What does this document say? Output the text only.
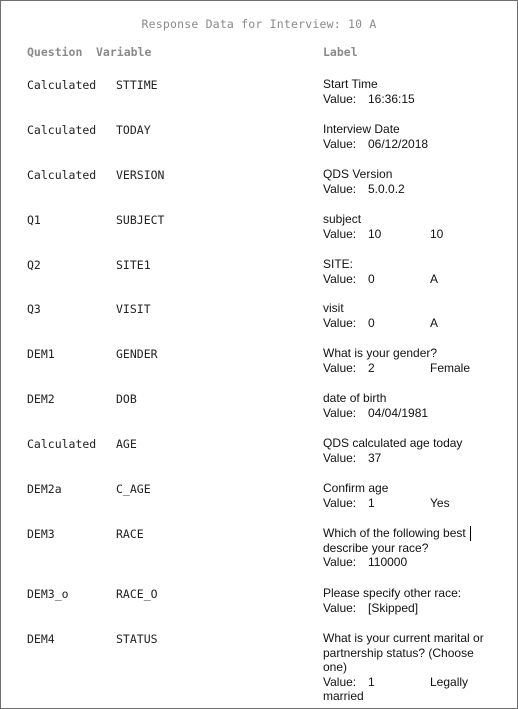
Response Data for Interview: 10 A
Question Variable	Label
Calculated STTIME	Start Time
Value: 16:36:15
Calculated TODAY	Interview Date
Value: 06/12/2018
Calculated VERSION	QDS Version
Value: 5.0.0.2
Q1	SUBJECT	subject
Value: 10	10
Q2	SITE1	SITE:
Value: 0	A
Q3	VISIT	visit
Value: 0	A
DEM1	GENDER	What is your gender?
Value: 2	Female
DEM2	DOB	date of birth
Value: 04/04/1981
Calculated AGE	QDS calculated age today
Value: 37
DEM2a	C_AGE	Confirm age
Value: 1	Yes
DEM3	RACE	Which of the following best describe your race?
Value: 110000
DEM3_o	RACE_O	Please specify other race:
Value: [Skipped]
DEM4	STATUS	What is your current marital or partnership status? (Choose one)
Value: 1	Legally
married
